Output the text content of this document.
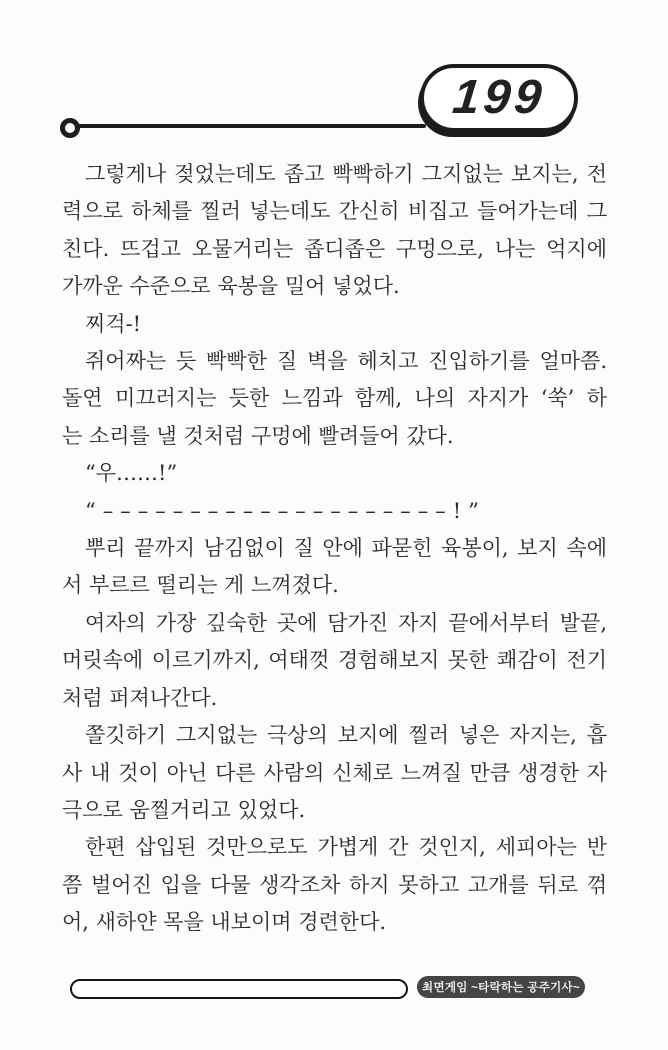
199
그렇게나 젖었는데도 좁고 빡빡하기 그지없는 보지는, 전
력으로 하체를 찔러 넣는데도 간신히 비집고 들어가는데 그
친다. 뜨겁고 오물거리는 좁디좁은 구멍으로, 나는 억지에
가까운 수준으로 육봉을 밀어 넣었다.
찌걱-!
쥐어짜는 듯 빡빡한 질 벽을 헤치고 진입하기를 얼마쯤.
돌연 미끄러지는 듯한 느낌과 함께, 나의 자지가 ‘쑥’ 하
는 소리를 낼 것처럼 구멍에 빨려들어 갔다.
“우……!”
“––––––––––––––––––––!”
뿌리 끝까지 남김없이 질 안에 파묻힌 육봉이, 보지 속에
서 부르르 떨리는 게 느껴졌다.
여자의 가장 깊숙한 곳에 담가진 자지 끝에서부터 발끝,
머릿속에 이르기까지, 여태껏 경험해보지 못한 쾌감이 전기
처럼 퍼져나간다.
쫄깃하기 그지없는 극상의 보지에 찔러 넣은 자지는, 흡
사 내 것이 아닌 다른 사람의 신체로 느껴질 만큼 생경한 자
극으로 움찔거리고 있었다.
한편 삽입된 것만으로도 가볍게 간 것인지, 세피아는 반
쯤 벌어진 입을 다물 생각조차 하지 못하고 고개를 뒤로 꺾
어, 새하얀 목을 내보이며 경련한다.
최면게임 ~타락하는 공주기사~
